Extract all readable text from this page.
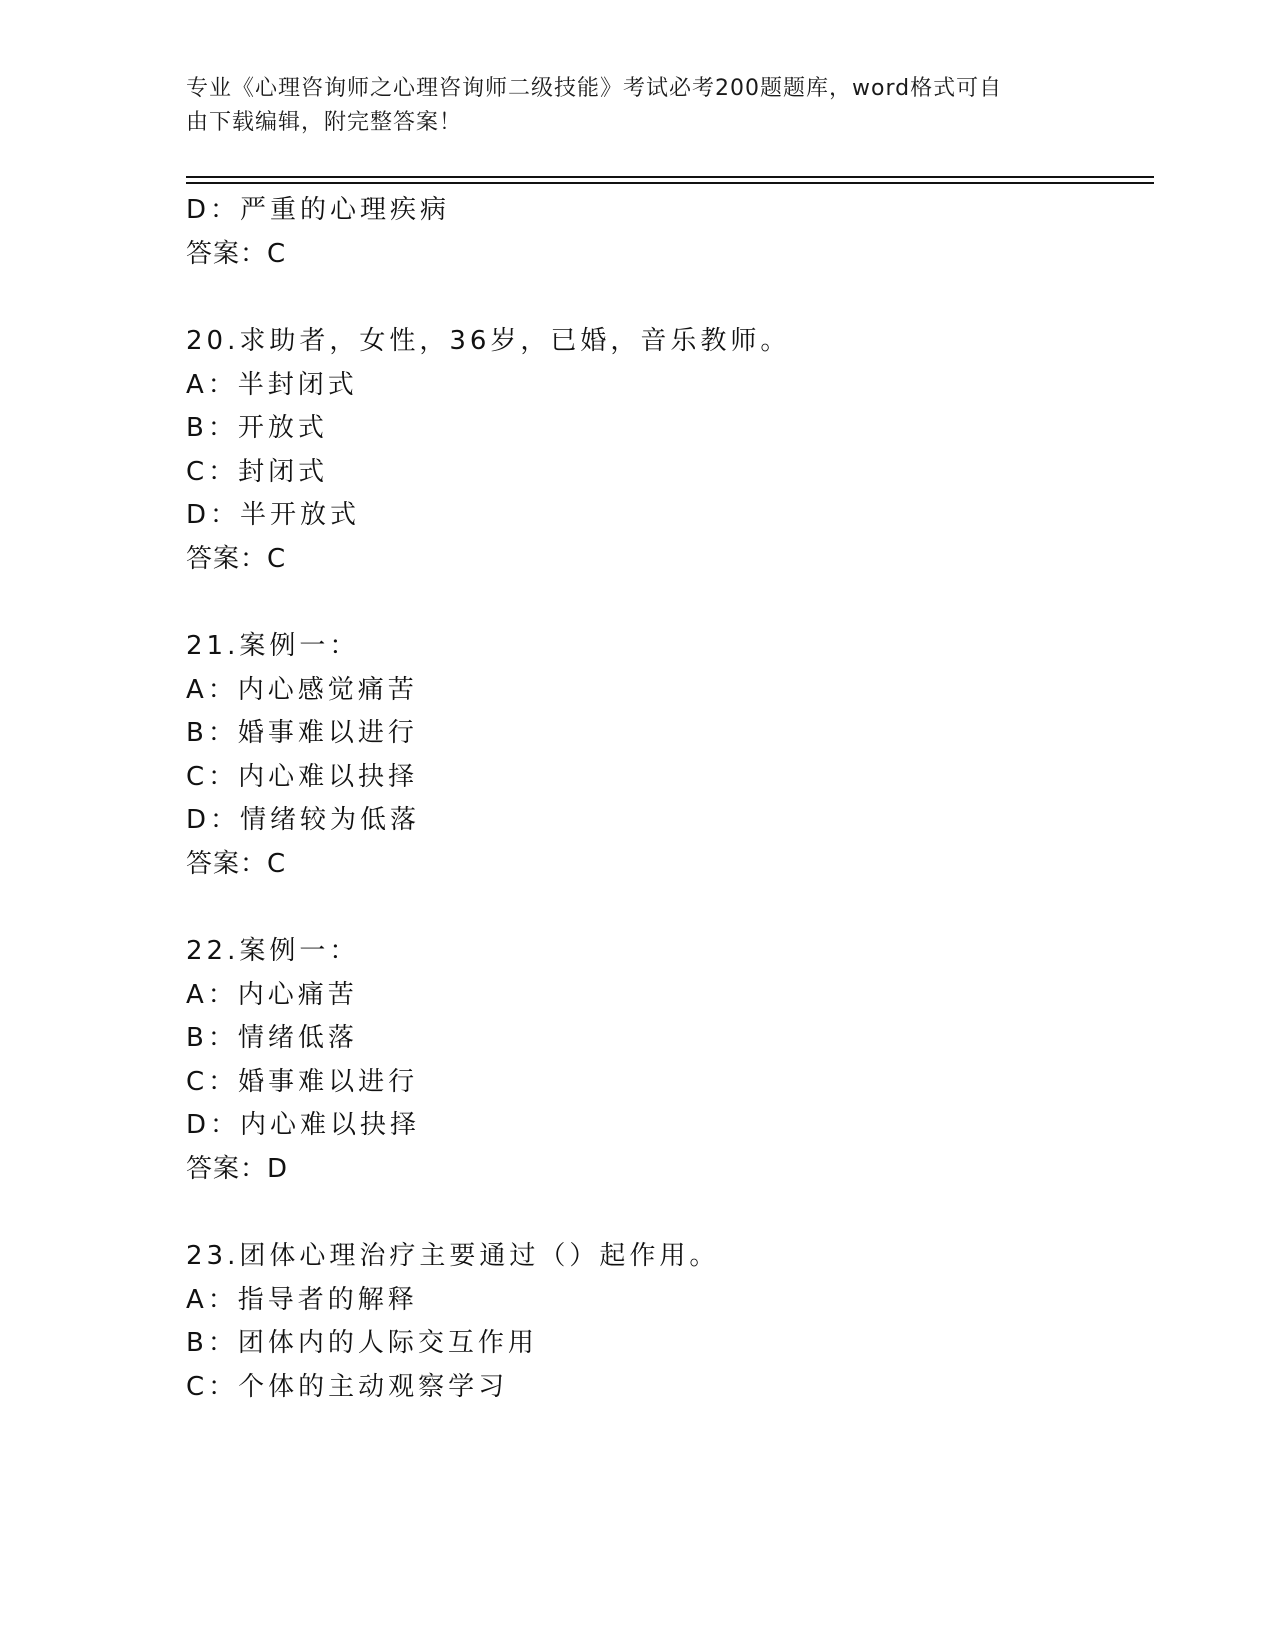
专业《心理咨询师之心理咨询师二级技能》考试必考200题题库，word格式可自
由下载编辑，附完整答案！
D：严重的心理疾病
答案：C
20.求助者，女性，36岁，已婚，音乐教师。
A：半封闭式
B：开放式
C：封闭式
D：半开放式
答案：C
21.案例一：
A：内心感觉痛苦
B：婚事难以进行
C：内心难以抉择
D：情绪较为低落
答案：C
22.案例一：
A：内心痛苦
B：情绪低落
C：婚事难以进行
D：内心难以抉择
答案：D
23.团体心理治疗主要通过（）起作用。
A：指导者的解释
B：团体内的人际交互作用
C：个体的主动观察学习
